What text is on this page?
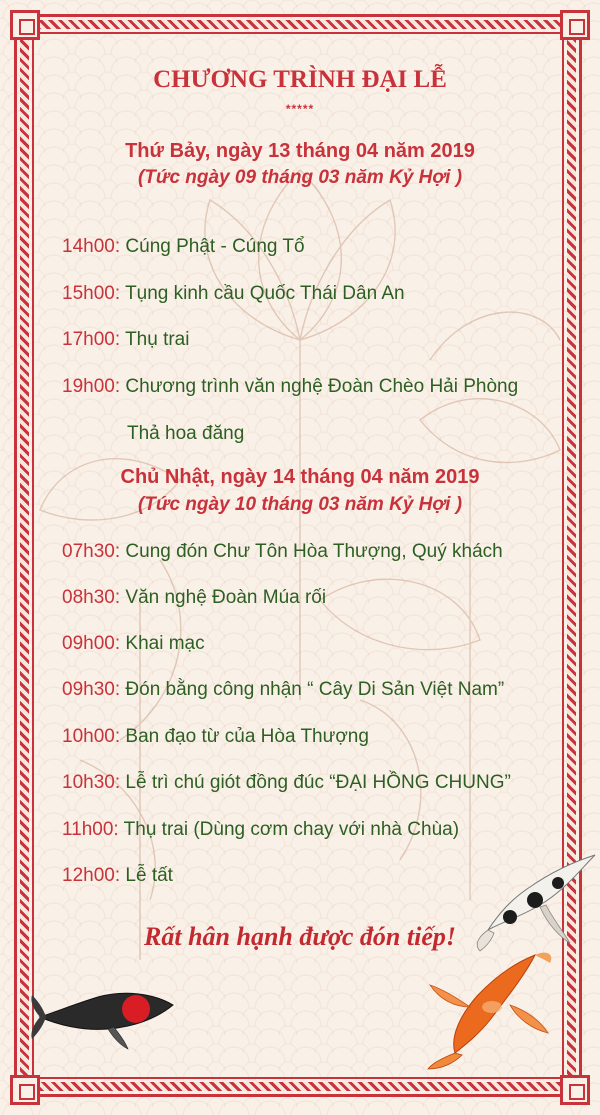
CHƯƠNG TRÌNH ĐẠI LỄ
*****
Thứ Bảy, ngày 13 tháng 04 năm 2019
(Tức ngày 09 tháng 03 năm Kỷ Hợi )
14h00: Cúng Phật - Cúng Tổ
15h00: Tụng kinh cầu Quốc Thái Dân An
17h00: Thụ trai
19h00: Chương trình văn nghệ Đoàn Chèo Hải Phòng
Thả hoa đăng
Chủ Nhật, ngày 14 tháng 04 năm 2019
(Tức ngày 10 tháng 03 năm Kỷ Hợi )
07h30: Cung đón Chư Tôn Hòa Thượng, Quý khách
08h30: Văn nghệ Đoàn Múa rối
09h00: Khai mạc
09h30: Đón bằng công nhận “ Cây Di Sản Việt Nam”
10h00: Ban đạo từ của Hòa Thượng
10h30: Lễ trì chú giót đồng đúc “ĐẠI HỒNG CHUNG”
11h00: Thụ trai (Dùng cơm chay với nhà Chùa)
12h00: Lễ tất
Rất hân hạnh được đón tiếp!
